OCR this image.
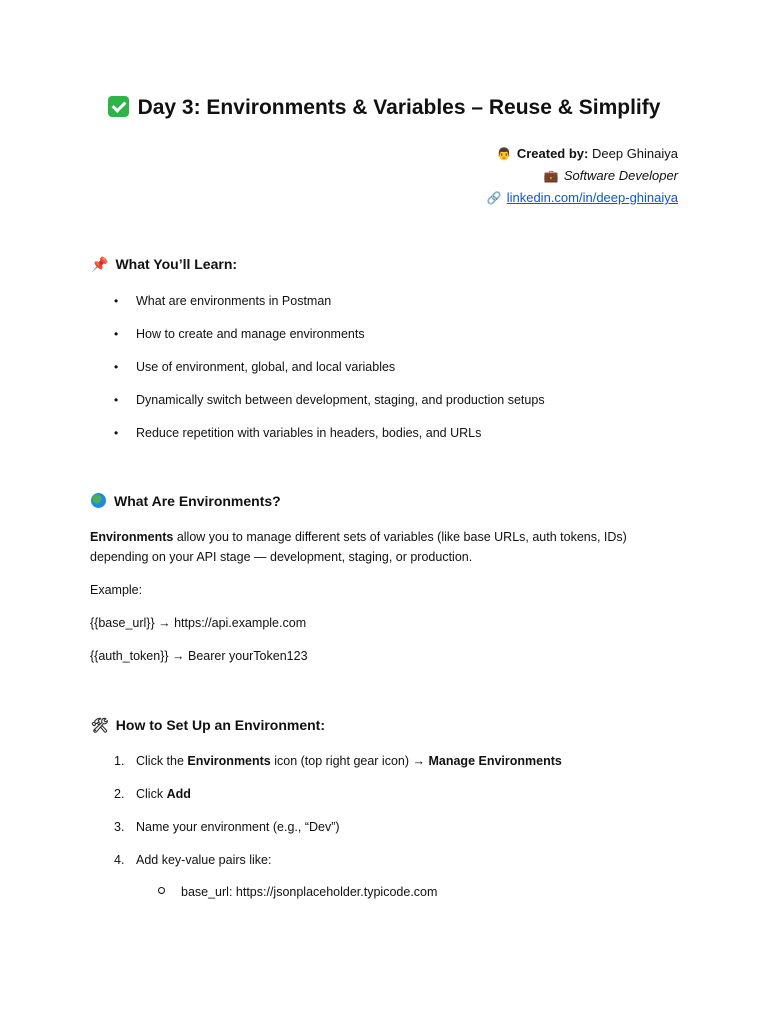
Day 3: Environments & Variables – Reuse & Simplify
👨 Created by: Deep Ghinaiya
💼 Software Developer
🔗 linkedin.com/in/deep-ghinaiya
📌 What You’ll Learn:
• What are environments in Postman
• How to create and manage environments
• Use of environment, global, and local variables
• Dynamically switch between development, staging, and production setups
• Reduce repetition with variables in headers, bodies, and URLs
What Are Environments?
Environments allow you to manage different sets of variables (like base URLs, auth tokens, IDs)
depending on your API stage — development, staging, or production.
Example:
{{base_url}} → https://api.example.com
{{auth_token}} → Bearer yourToken123
🛠 How to Set Up an Environment:
1. Click the Environments icon (top right gear icon) → Manage Environments
2. Click Add
3. Name your environment (e.g., “Dev”)
4. Add key-value pairs like:
base_url: https://jsonplaceholder.typicode.com
